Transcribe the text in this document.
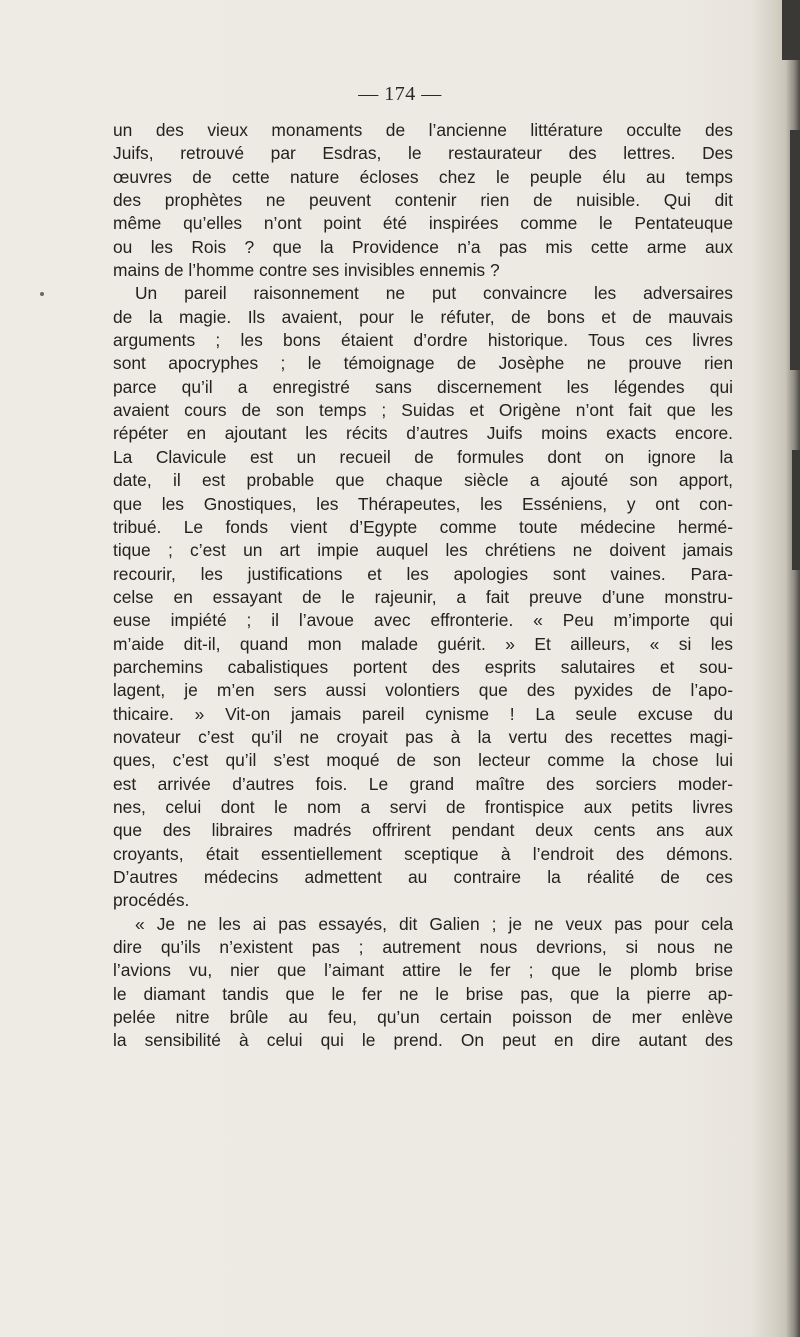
— 174 —
un des vieux monaments de l’ancienne littérature occulte des
Juifs, retrouvé par Esdras, le restaurateur des lettres. Des
œuvres de cette nature écloses chez le peuple élu au temps
des prophètes ne peuvent contenir rien de nuisible. Qui dit
même qu’elles n’ont point été inspirées comme le Pentateuque
ou les Rois ? que la Providence n’a pas mis cette arme aux
mains de l’homme contre ses invisibles ennemis ?
Un pareil raisonnement ne put convaincre les adversaires
de la magie. Ils avaient, pour le réfuter, de bons et de mauvais
arguments ; les bons étaient d’ordre historique. Tous ces livres
sont apocryphes ; le témoignage de Josèphe ne prouve rien
parce qu’il a enregistré sans discernement les légendes qui
avaient cours de son temps ; Suidas et Origène n’ont fait que les
répéter en ajoutant les récits d’autres Juifs moins exacts encore.
La Clavicule est un recueil de formules dont on ignore la
date, il est probable que chaque siècle a ajouté son apport,
que les Gnostiques, les Thérapeutes, les Esséniens, y ont con-
tribué. Le fonds vient d’Egypte comme toute médecine hermé-
tique ; c’est un art impie auquel les chrétiens ne doivent jamais
recourir, les justifications et les apologies sont vaines. Para-
celse en essayant de le rajeunir, a fait preuve d’une monstru-
euse impiété ; il l’avoue avec effronterie. « Peu m’importe qui
m’aide dit-il, quand mon malade guérit. » Et ailleurs, « si les
parchemins cabalistiques portent des esprits salutaires et sou-
lagent, je m’en sers aussi volontiers que des pyxides de l’apo-
thicaire. » Vit-on jamais pareil cynisme ! La seule excuse du
novateur c’est qu’il ne croyait pas à la vertu des recettes magi-
ques, c’est qu’il s’est moqué de son lecteur comme la chose lui
est arrivée d’autres fois. Le grand maître des sorciers moder-
nes, celui dont le nom a servi de frontispice aux petits livres
que des libraires madrés offrirent pendant deux cents ans aux
croyants, était essentiellement sceptique à l’endroit des démons.
D’autres médecins admettent au contraire la réalité de ces
procédés.
« Je ne les ai pas essayés, dit Galien ; je ne veux pas pour cela
dire qu’ils n’existent pas ; autrement nous devrions, si nous ne
l’avions vu, nier que l’aimant attire le fer ; que le plomb brise
le diamant tandis que le fer ne le brise pas, que la pierre ap-
pelée nitre brûle au feu, qu’un certain poisson de mer enlève
la sensibilité à celui qui le prend. On peut en dire autant des
